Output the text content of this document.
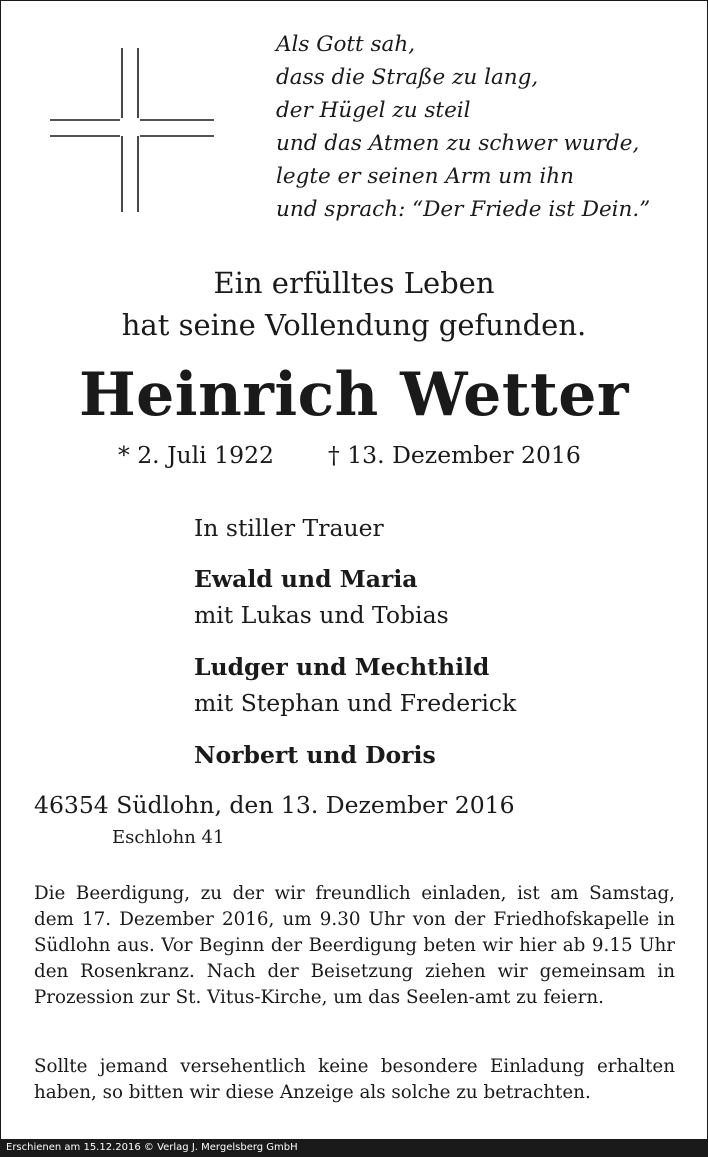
Als Gott sah,
dass die Straße zu lang,
der Hügel zu steil
und das Atmen zu schwer wurde,
legte er seinen Arm um ihn
und sprach: “Der Friede ist Dein.”
Ein erfülltes Leben
hat seine Vollendung gefunden.
Heinrich Wetter
* 2. Juli 1922 † 13. Dezember 2016
In stiller Trauer
Ewald und Maria
mit Lukas und Tobias
Ludger und Mechthild
mit Stephan und Frederick
Norbert und Doris
46354 Südlohn, den 13. Dezember 2016
Eschlohn 41
Die Beerdigung, zu der wir freundlich einladen, ist am Samstag, dem 17. Dezember 2016, um 9.30 Uhr von der Friedhofskapelle in Südlohn aus. Vor Beginn der Beerdigung beten wir hier ab 9.15 Uhr den Rosenkranz. Nach der Beisetzung ziehen wir gemeinsam in Prozession zur St. Vitus-Kirche, um das Seelen-amt zu feiern.
Sollte jemand versehentlich keine besondere Einladung erhalten haben, so bitten wir diese Anzeige als solche zu betrachten.
Erschienen am 15.12.2016 © Verlag J. Mergelsberg GmbH
